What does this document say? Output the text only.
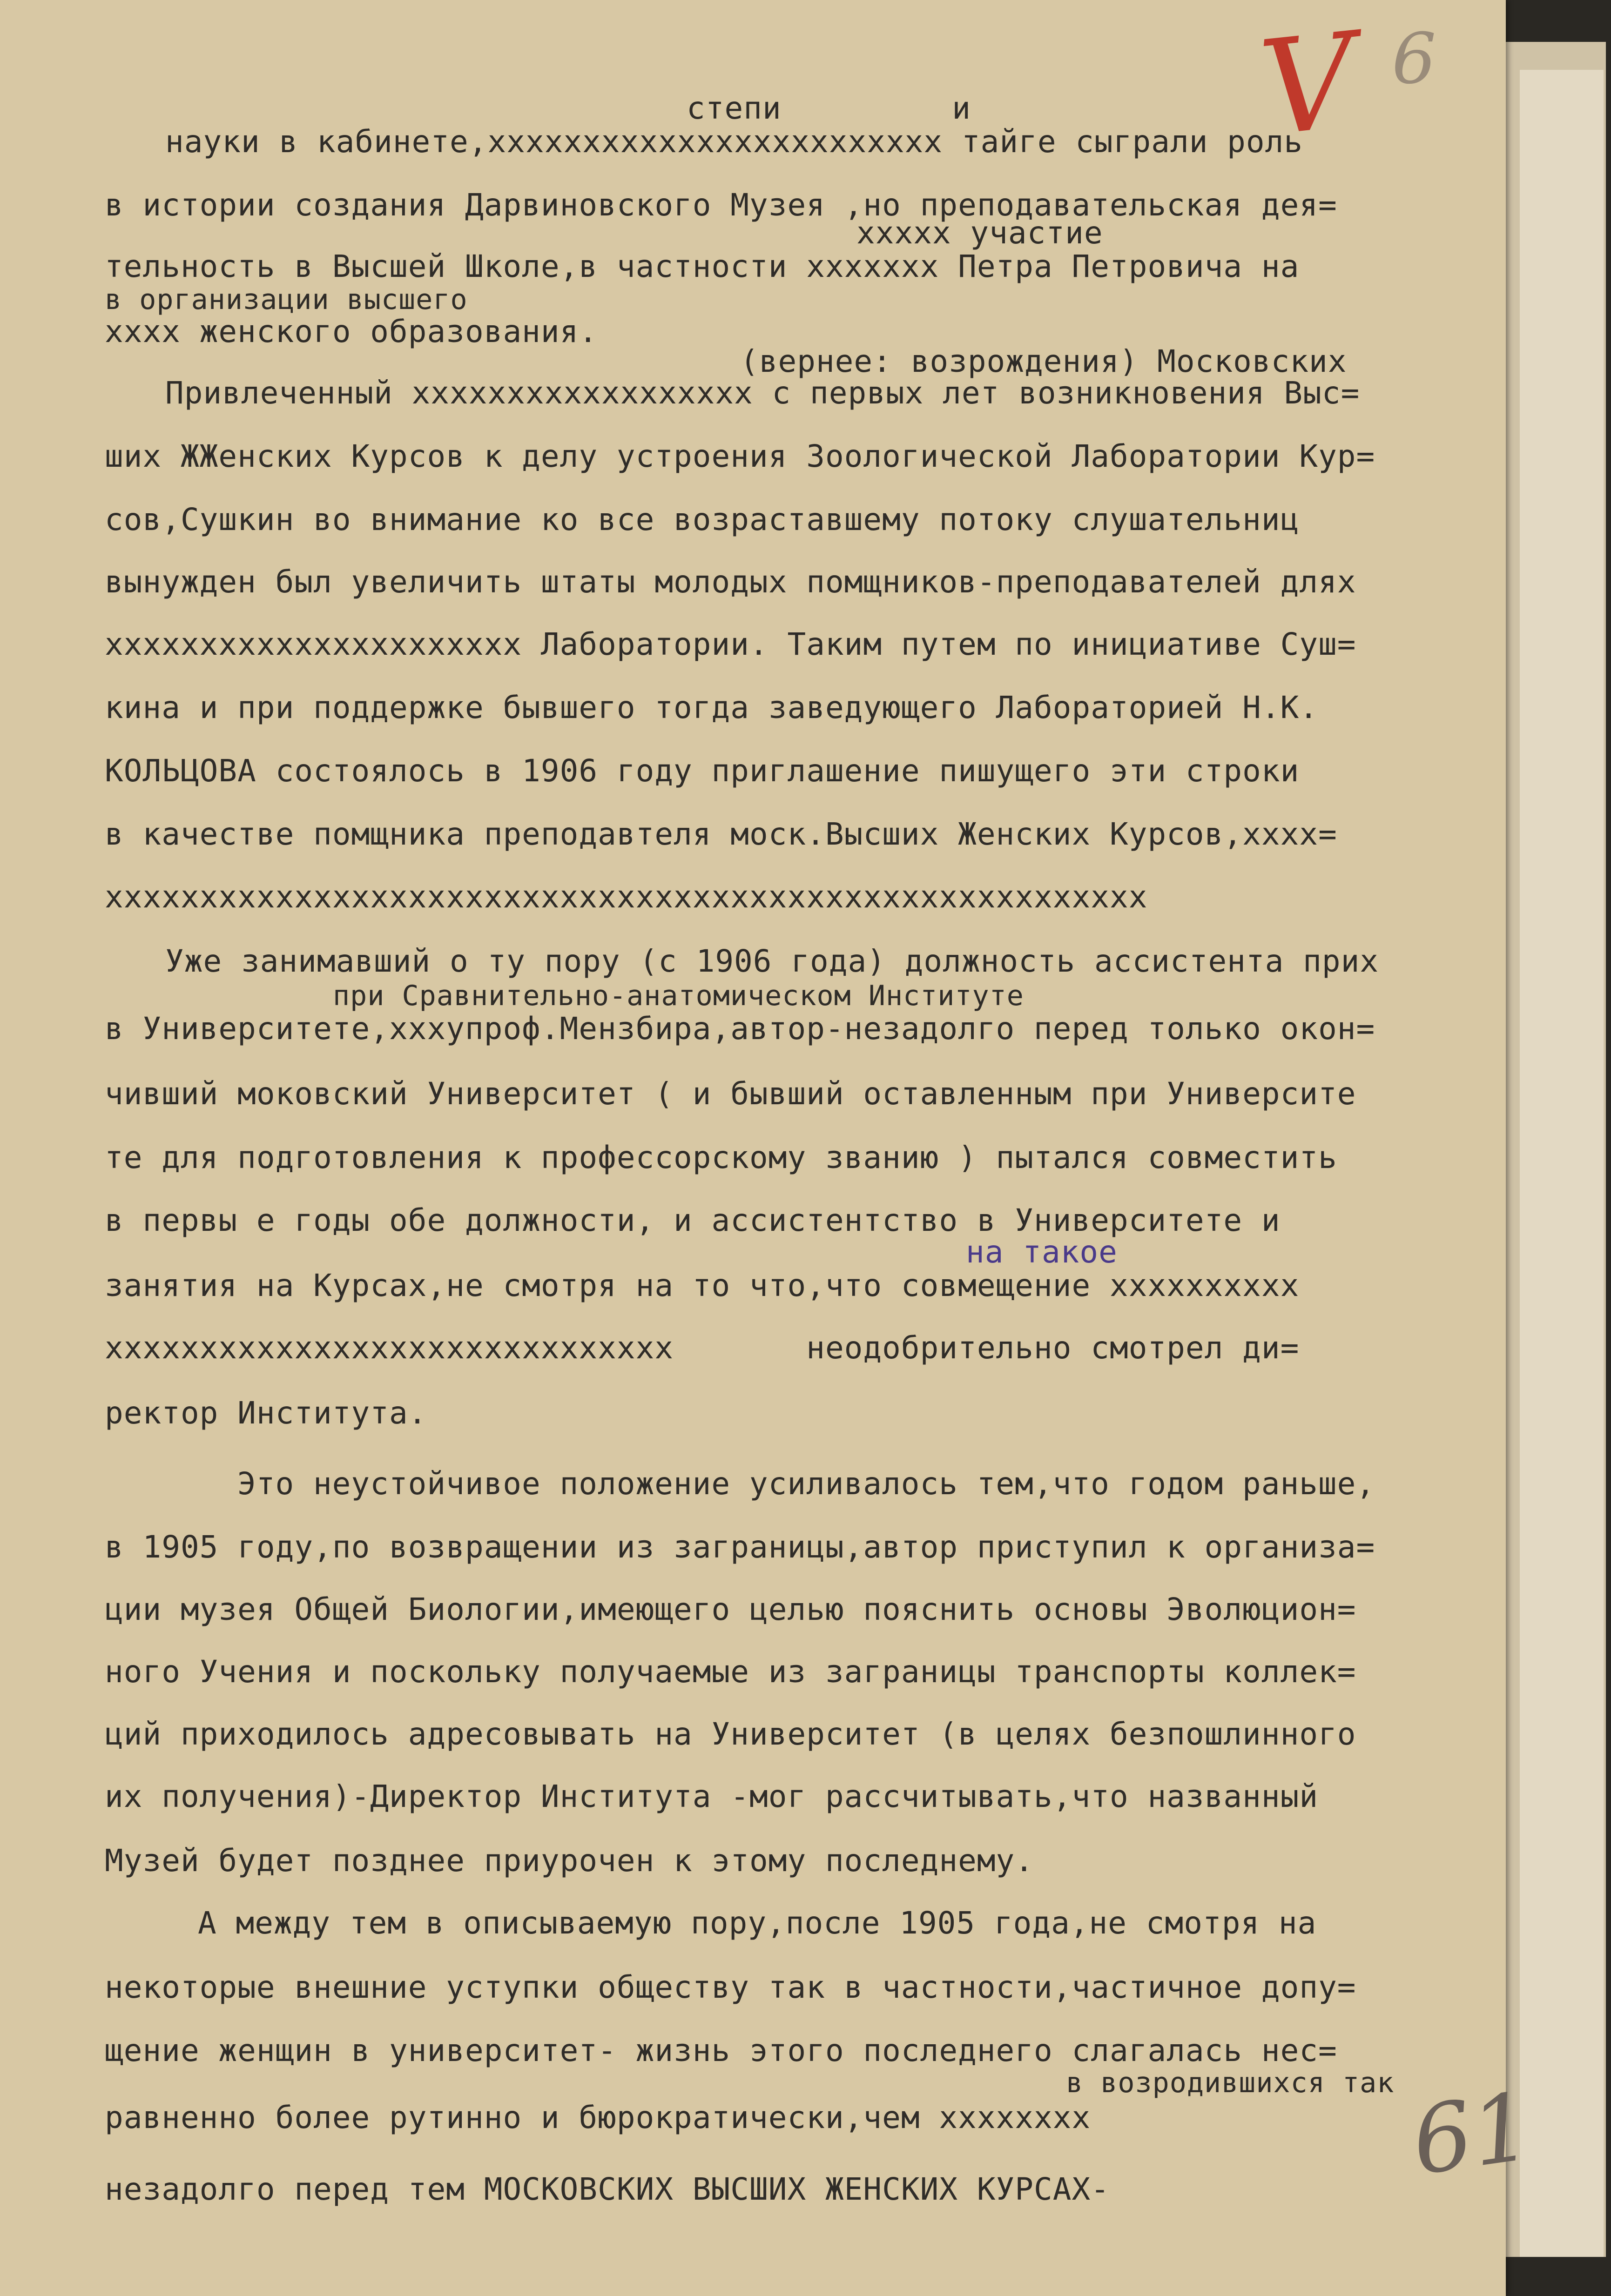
V 6
степи         и
науки в кабинете,хххххххххххххххххххххххх тайге сыграли роль
в истории создания Дарвиновского Музея ,но преподавательская дея=
ххххх участие
тельность в Высшей Школе,в частности ххххххх Петра Петровича на
в организации высшего
хххх женского образования.
(вернее: возрождения) Московских
Привлеченный хххххххххххххххххх с первых лет возникновения Выс=
ших ЖЖенских Курсов к делу устроения Зоологической Лаборатории Кур=
сов,Сушкин во внимание ко все возраставшему потоку слушательниц
вынужден был увеличить штаты молодых помщников-преподавателей дляx
хххххххххххххххххххххх Лаборатории. Таким путем по инициативе Суш=
кина и при поддержке бывшего тогда заведующего Лабораторией Н.К.
КОЛЬЦОВА состоялось в 1906 году приглашение пишущего эти строки
в качестве помщника преподавтеля моск.Высших Женских Курсов,хххх=
ххххххххххххххххххххххххххххххххххххххххххххххххххххххх
Уже занимавший о ту пору (с 1906 года) должность ассистента прих
при Сравнительно-анатомическом Институте
в Университете,хххупроф.Мензбира,автор-незадолго перед только окон=
чивший моковский Университет ( и бывший оставленным при Университе
те для подготовления к профессорскому званию ) пытался совместить
в первы е годы обе должности, и ассистентство в Университете и
на такое
занятия на Курсах,не смотря на то что,что совмещение хххххххххх
хххххххххххххххххххххххххххххх       неодобрительно смотрел ди=
ректор Института.
Это неустойчивое положение усиливалось тем,что годом раньше,
в 1905 году,по возвращении из заграницы,автор приступил к организа=
ции музея Общей Биологии,имеющего целью пояснить основы Эволюцион=
ного Учения и поскольку получаемые из заграницы транспорты коллек=
ций приходилось адресовывать на Университет (в целях безпошлинного
их получения)-Директор Института -мог рассчитывать,что названный
Музей будет позднее приурочен к этому последнему.
А между тем в описываемую пору,после 1905 года,не смотря на
некоторые внешние уступки обществу так в частности,частичное допу=
щение женщин в университет- жизнь этого последнего слагалась нес=
в возродившихся так
равненно более рутинно и бюрократически,чем хххххххх
незадолго перед тем МОСКОВСКИХ ВЫСШИХ ЖЕНСКИХ КУРСАХ-	61
